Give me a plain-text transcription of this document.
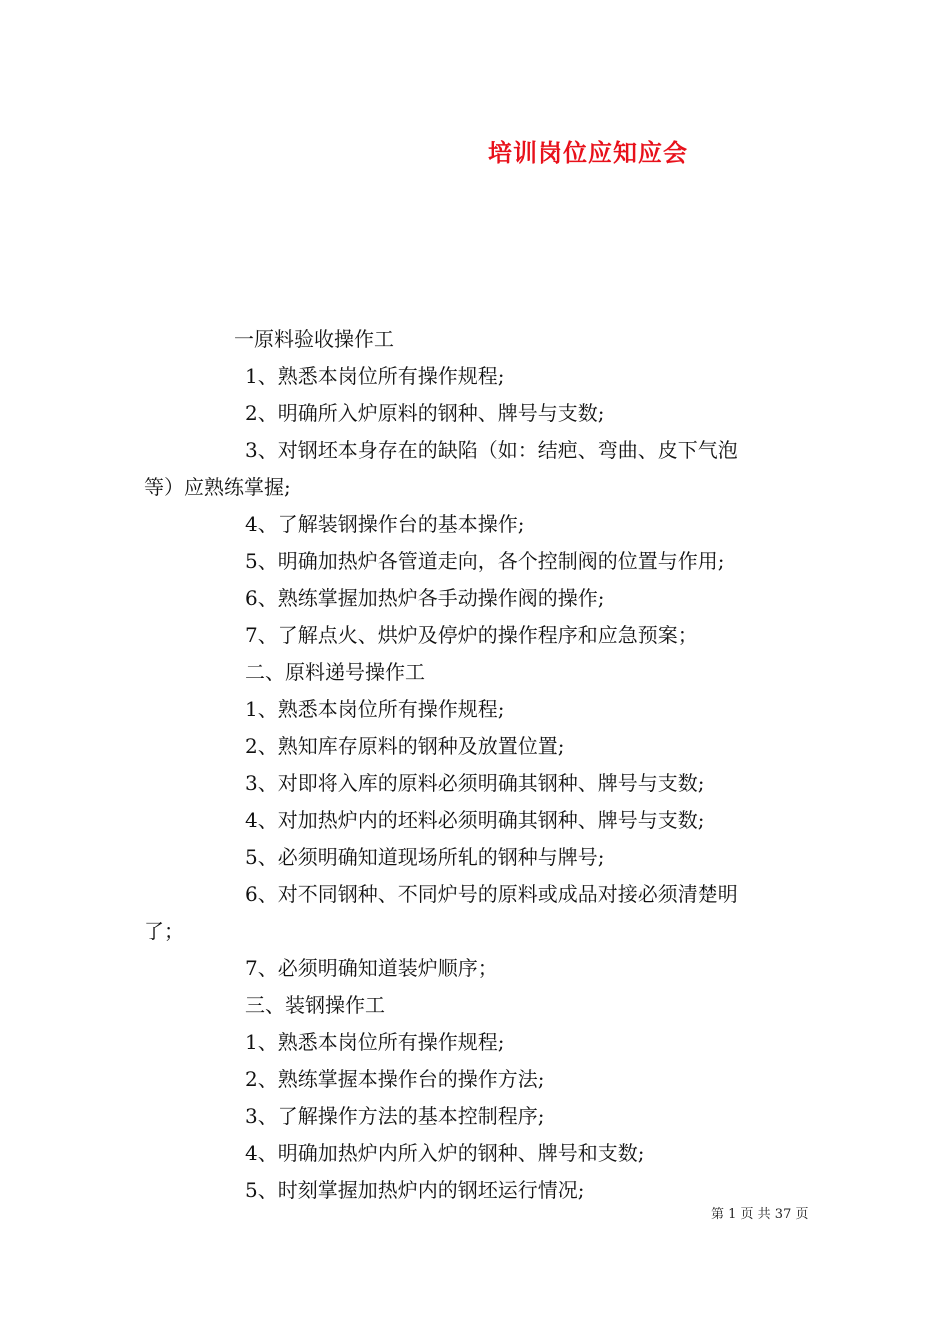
培训岗位应知应会
一原料验收操作工
1、熟悉本岗位所有操作规程;
2、明确所入炉原料的钢种、牌号与支数;
3、对钢坯本身存在的缺陷（如：结疤、弯曲、皮下气泡
等）应熟练掌握;
4、了解装钢操作台的基本操作;
5、明确加热炉各管道走向，各个控制阀的位置与作用;
6、熟练掌握加热炉各手动操作阀的操作;
7、了解点火、烘炉及停炉的操作程序和应急预案；
二、原料递号操作工
1、熟悉本岗位所有操作规程;
2、熟知库存原料的钢种及放置位置;
3、对即将入库的原料必须明确其钢种、牌号与支数;
4、对加热炉内的坯料必须明确其钢种、牌号与支数;
5、必须明确知道现场所轧的钢种与牌号;
6、对不同钢种、不同炉号的原料或成品对接必须清楚明
了；
7、必须明确知道装炉顺序；
三、装钢操作工
1、熟悉本岗位所有操作规程;
2、熟练掌握本操作台的操作方法;
3、了解操作方法的基本控制程序;
4、明确加热炉内所入炉的钢种、牌号和支数;
5、时刻掌握加热炉内的钢坯运行情况;
第 1 页 共 37 页
